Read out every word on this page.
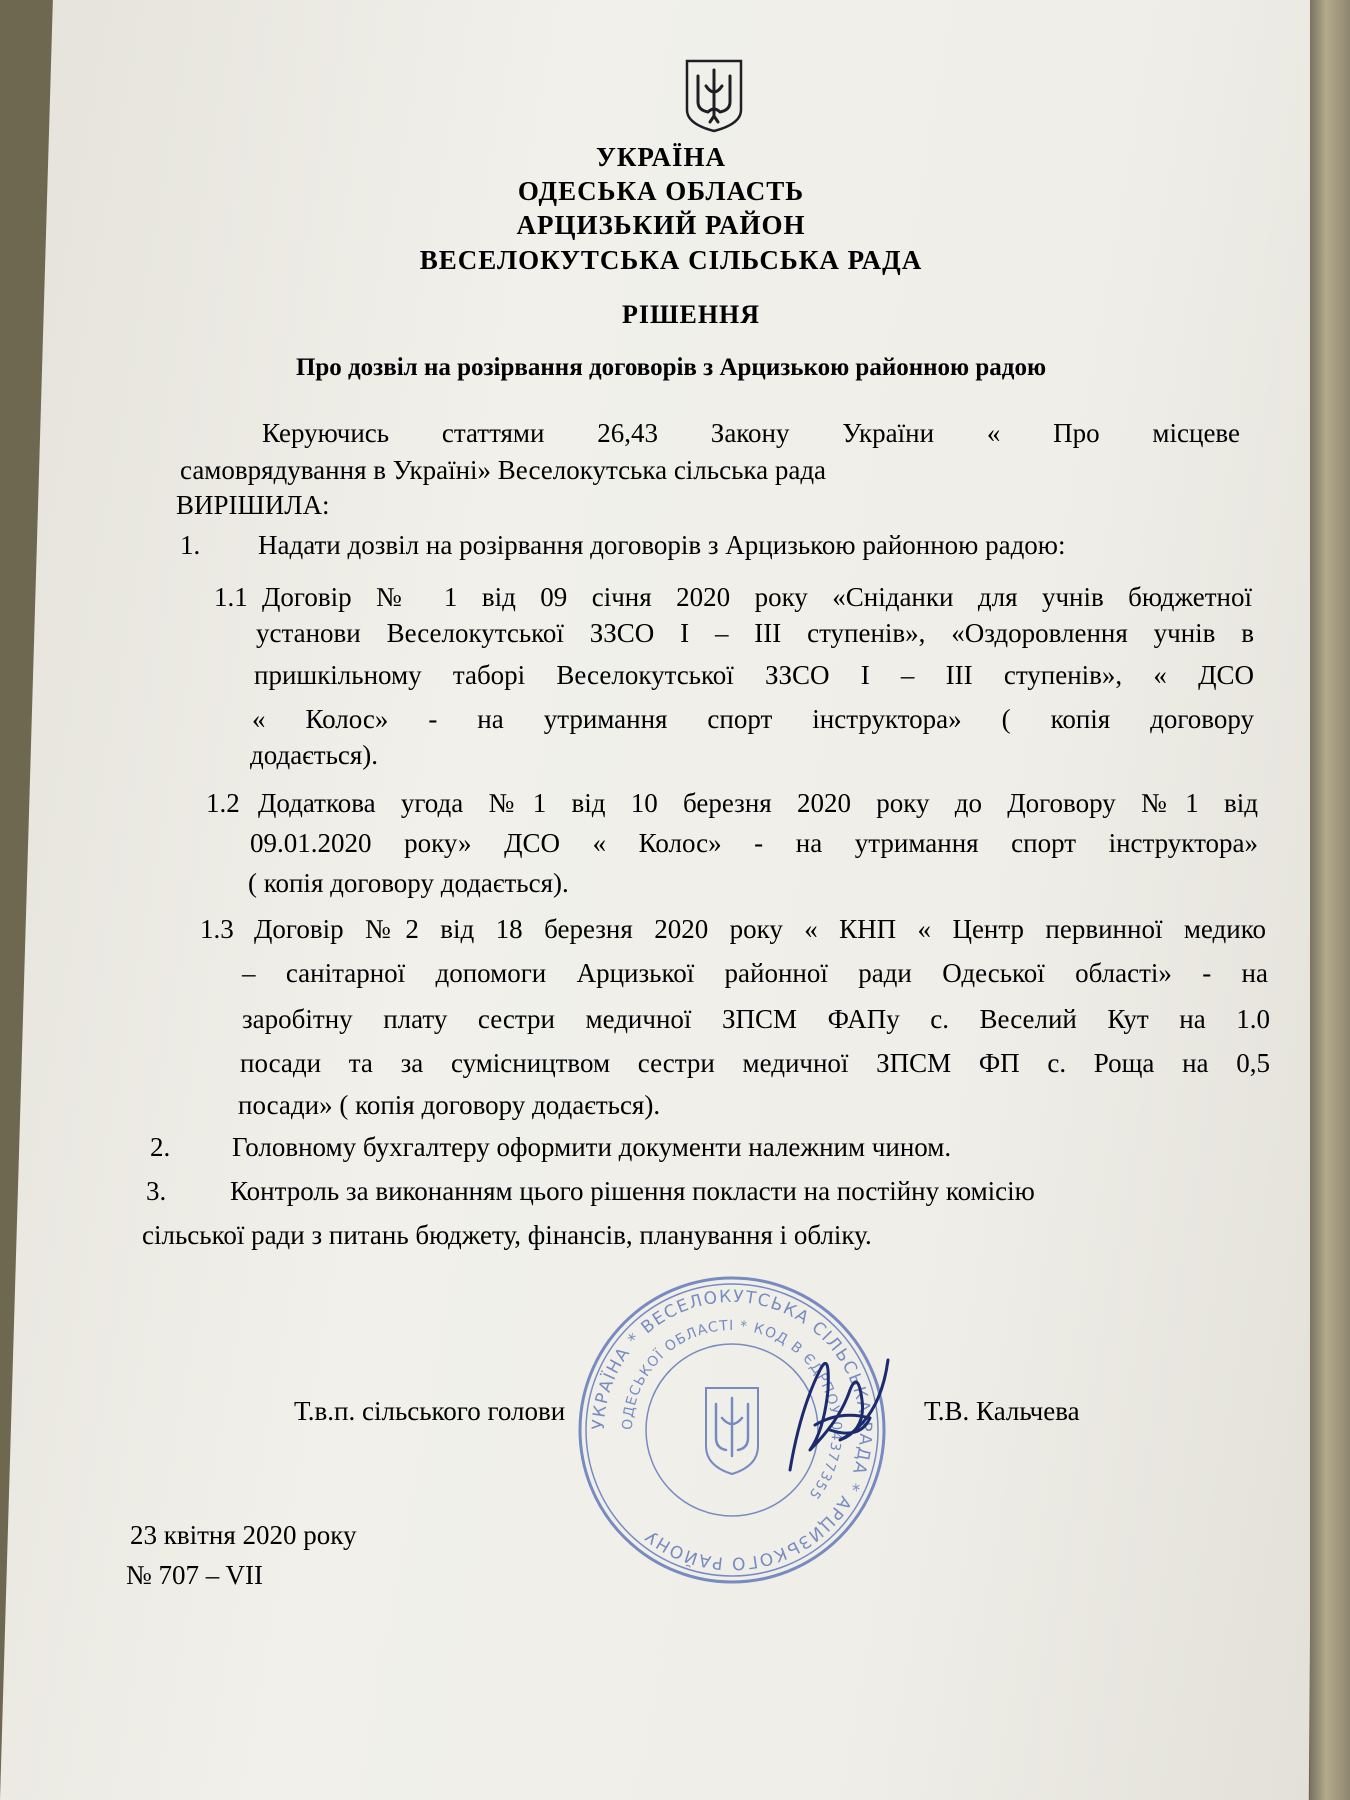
УКРАЇНА

ОДЕСЬКА ОБЛАСТЬ

АРЦИЗЬКИЙ РАЙОН

ВЕСЕЛОКУТСЬКА СІЛЬСЬКА РАДА

РІШЕННЯ

Про дозвіл на розірвання договорів з Арцизькою районною радою

Керуючись статтями 26,43 Закону України « Про місцеве

самоврядування в Україні» Веселокутська сільська рада

ВИРІШИЛА:

1. Надати дозвіл на розірвання договорів з Арцизькою районною радою:

1.1 Договір № 1 від 09 січня 2020 року «Сніданки для учнів бюджетної

установи Веселокутської ЗЗСО І – ІІІ ступенів», «Оздоровлення учнів в

пришкільному таборі Веселокутської ЗЗСО І – ІІІ ступенів», « ДСО

« Колос» - на утримання спорт інструктора» ( копія договору

додається).

1.2 Додаткова угода №1 від 10 березня 2020 року до Договору №1 від

09.01.2020 року» ДСО « Колос» - на утримання спорт інструктора»

( копія договору додається).

1.3 Договір №2 від 18 березня 2020 року « КНП « Центр первинної медико

– санітарної допомоги Арцизької районної ради Одеської області» - на

заробітну плату сестри медичної ЗПСМ ФАПу с. Веселий Кут на 1.0

посади та за сумісництвом сестри медичної ЗПСМ ФП с. Роща на 0,5

посади» ( копія договору додається).

2. Головному бухгалтеру оформити документи належним чином.

3. Контроль за виконанням цього рішення покласти на постійну комісію

сільської ради з питань бюджету, фінансів, планування і обліку.

УКРАЇНА * ВЕСЕЛОКУТСЬКА СІЛЬСЬКА РАДА * АРЦИЗЬКОГО РАЙОНУ
ОДЕСЬКОЇ ОБЛАСТІ * КОД В ЄДРПОУ 04377355

Т.в.п. сільського голови	Т.В. Кальчева

23 квітня 2020 року

№ 707 – VII
